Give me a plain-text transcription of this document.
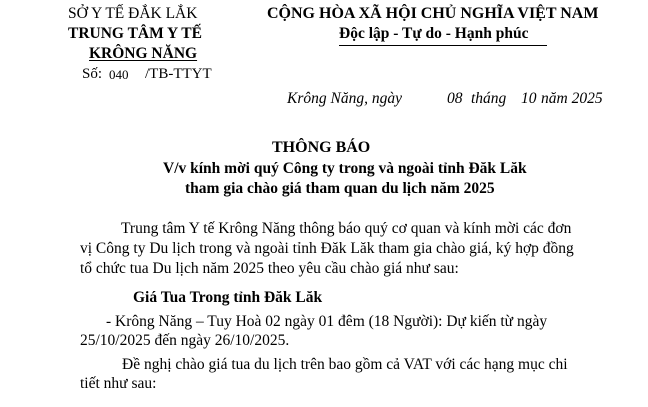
SỞ Y TẾ ĐẮK LẮK
TRUNG TÂM Y TẾ
KRÔNG NĂNG
Số: 040 /TB-TTYT
CỘNG HÒA XÃ HỘI CHỦ NGHĨA VIỆT NAM
Độc lập - Tự do - Hạnh phúc
Krông Năng, ngày	08 tháng 10 năm 2025
THÔNG BÁO
V/v kính mời quý Công ty trong và ngoài tỉnh Đăk Lăk
tham gia chào giá tham quan du lịch năm 2025
Trung tâm Y tế Krông Năng thông báo quý cơ quan và kính mời các đơn
vị Công ty Du lịch trong và ngoài tỉnh Đăk Lăk tham gia chào giá, ký hợp đồng
tổ chức tua Du lịch năm 2025 theo yêu cầu chào giá như sau:
Giá Tua Trong tỉnh Đăk Lăk
- Krông Năng – Tuy Hoà 02 ngày 01 đêm (18 Người): Dự kiến từ ngày
25/10/2025 đến ngày 26/10/2025.
Đề nghị chào giá tua du lịch trên bao gồm cả VAT với các hạng mục chi
tiết như sau:
